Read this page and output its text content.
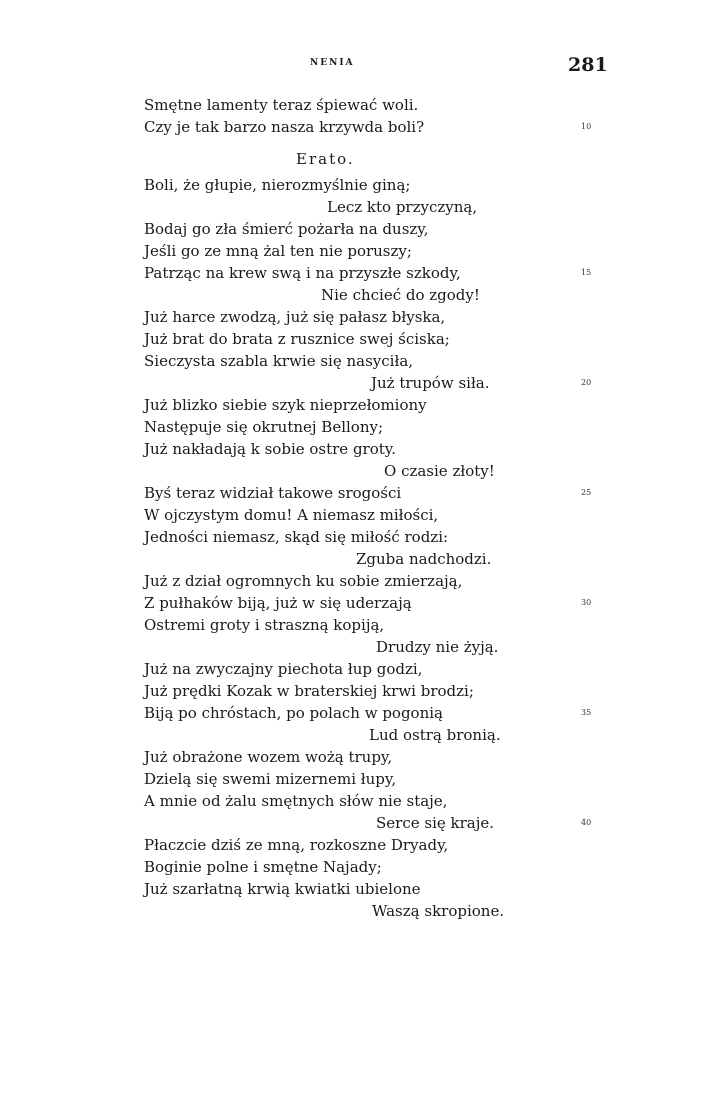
NENIA	281
Smętne lamenty teraz śpiewać woli.
Czy je tak barzo nasza krzywda boli?	10
Erato.
Boli, że głupie, nierozmyślnie giną;
Lecz kto przyczyną,
Bodaj go zła śmierć pożarła na duszy,
Jeśli go ze mną żal ten nie poruszy;
Patrząc na krew swą i na przyszłe szkody,	15
Nie chcieć do zgody!
Już harce zwodzą, już się pałasz błyska,
Już brat do brata z rusznice swej ściska;
Sieczysta szabla krwie się nasyciła,
Już trupów siła.	20
Już blizko siebie szyk nieprzełomiony
Następuje się okrutnej Bellony;
Już nakładają k sobie ostre groty.
O czasie złoty!
Byś teraz widział takowe srogości	25
W ojczystym domu! A niemasz miłości,
Jedności niemasz, skąd się miłość rodzi:
Zguba nadchodzi.
Już z dział ogromnych ku sobie zmierzają,
Z pułhaków biją, już w się uderzają	30
Ostremi groty i straszną kopiją,
Drudzy nie żyją.
Już na zwyczajny piechota łup godzi,
Już prędki Kozak w braterskiej krwi brodzi;
Biją po chróstach, po polach w pogonią	35
Lud ostrą bronią.
Już obrażone wozem wożą trupy,
Dzielą się swemi mizernemi łupy,
A mnie od żalu smętnych słów nie staje,
Serce się kraje.	40
Płaczcie dziś ze mną, rozkoszne Dryady,
Boginie polne i smętne Najady;
Już szarłatną krwią kwiatki ubielone
Waszą skropione.
